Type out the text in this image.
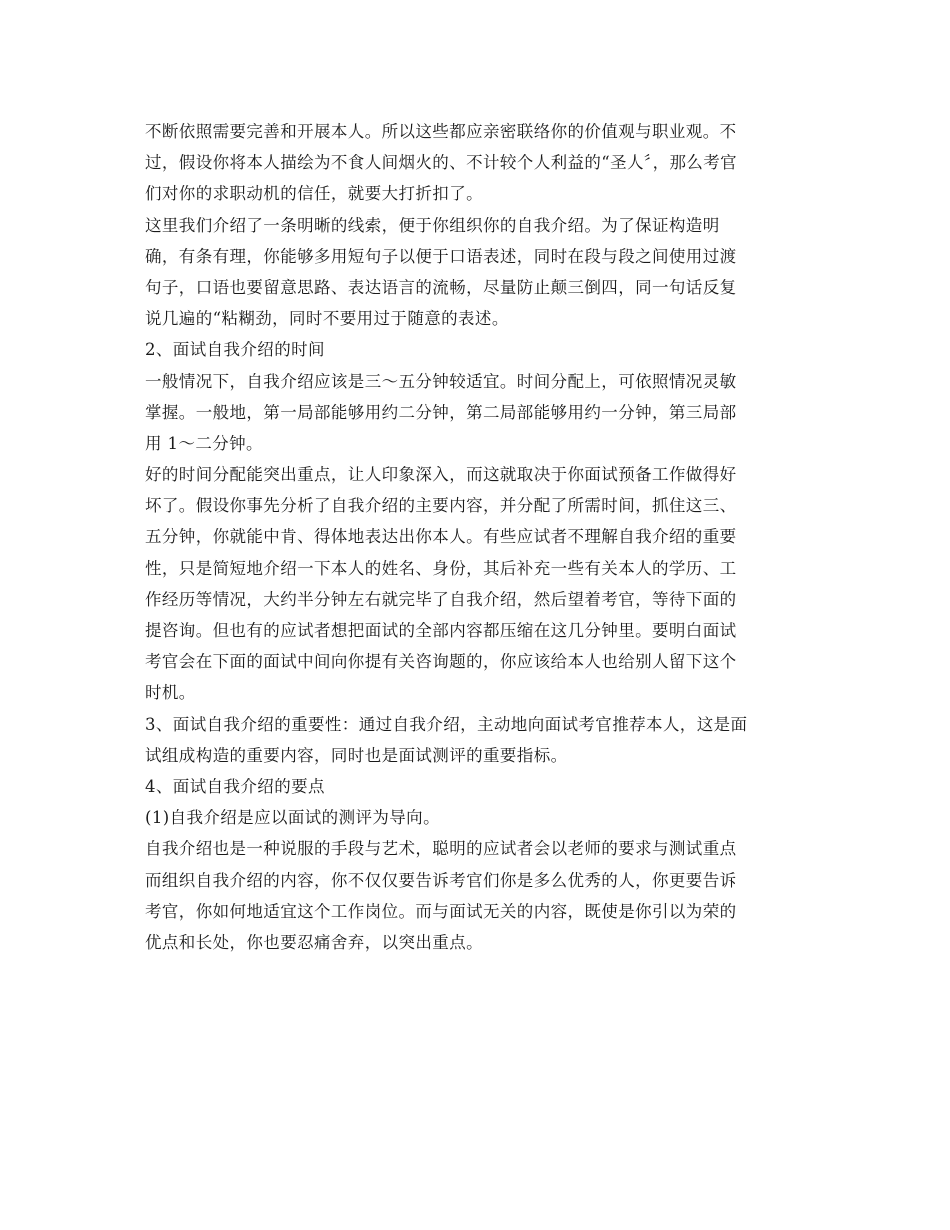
不断依照需要完善和开展本人。所以这些都应亲密联络你的价值观与职业观。不
过，假设你将本人描绘为不食人间烟火的、不计较个人利益的“圣人〞，那么考官
们对你的求职动机的信任，就要大打折扣了。
这里我们介绍了一条明晰的线索，便于你组织你的自我介绍。为了保证构造明
确，有条有理，你能够多用短句子以便于口语表述，同时在段与段之间使用过渡
句子，口语也要留意思路、表达语言的流畅，尽量防止颠三倒四，同一句话反复
说几遍的“粘糊劲，同时不要用过于随意的表述。
2、面试自我介绍的时间
一般情况下，自我介绍应该是三～五分钟较适宜。时间分配上，可依照情况灵敏
掌握。一般地，第一局部能够用约二分钟，第二局部能够用约一分钟，第三局部
用 1～二分钟。
好的时间分配能突出重点，让人印象深入，而这就取决于你面试预备工作做得好
坏了。假设你事先分析了自我介绍的主要内容，并分配了所需时间，抓住这三、
五分钟，你就能中肯、得体地表达出你本人。有些应试者不理解自我介绍的重要
性，只是简短地介绍一下本人的姓名、身份，其后补充一些有关本人的学历、工
作经历等情况，大约半分钟左右就完毕了自我介绍，然后望着考官，等待下面的
提咨询。但也有的应试者想把面试的全部内容都压缩在这几分钟里。要明白面试
考官会在下面的面试中间向你提有关咨询题的，你应该给本人也给别人留下这个
时机。
3、面试自我介绍的重要性：通过自我介绍，主动地向面试考官推荐本人，这是面
试组成构造的重要内容，同时也是面试测评的重要指标。
4、面试自我介绍的要点
(1)自我介绍是应以面试的测评为导向。
自我介绍也是一种说服的手段与艺术，聪明的应试者会以老师的要求与测试重点
而组织自我介绍的内容，你不仅仅要告诉考官们你是多么优秀的人，你更要告诉
考官，你如何地适宜这个工作岗位。而与面试无关的内容，既使是你引以为荣的
优点和长处，你也要忍痛舍弃，以突出重点。
